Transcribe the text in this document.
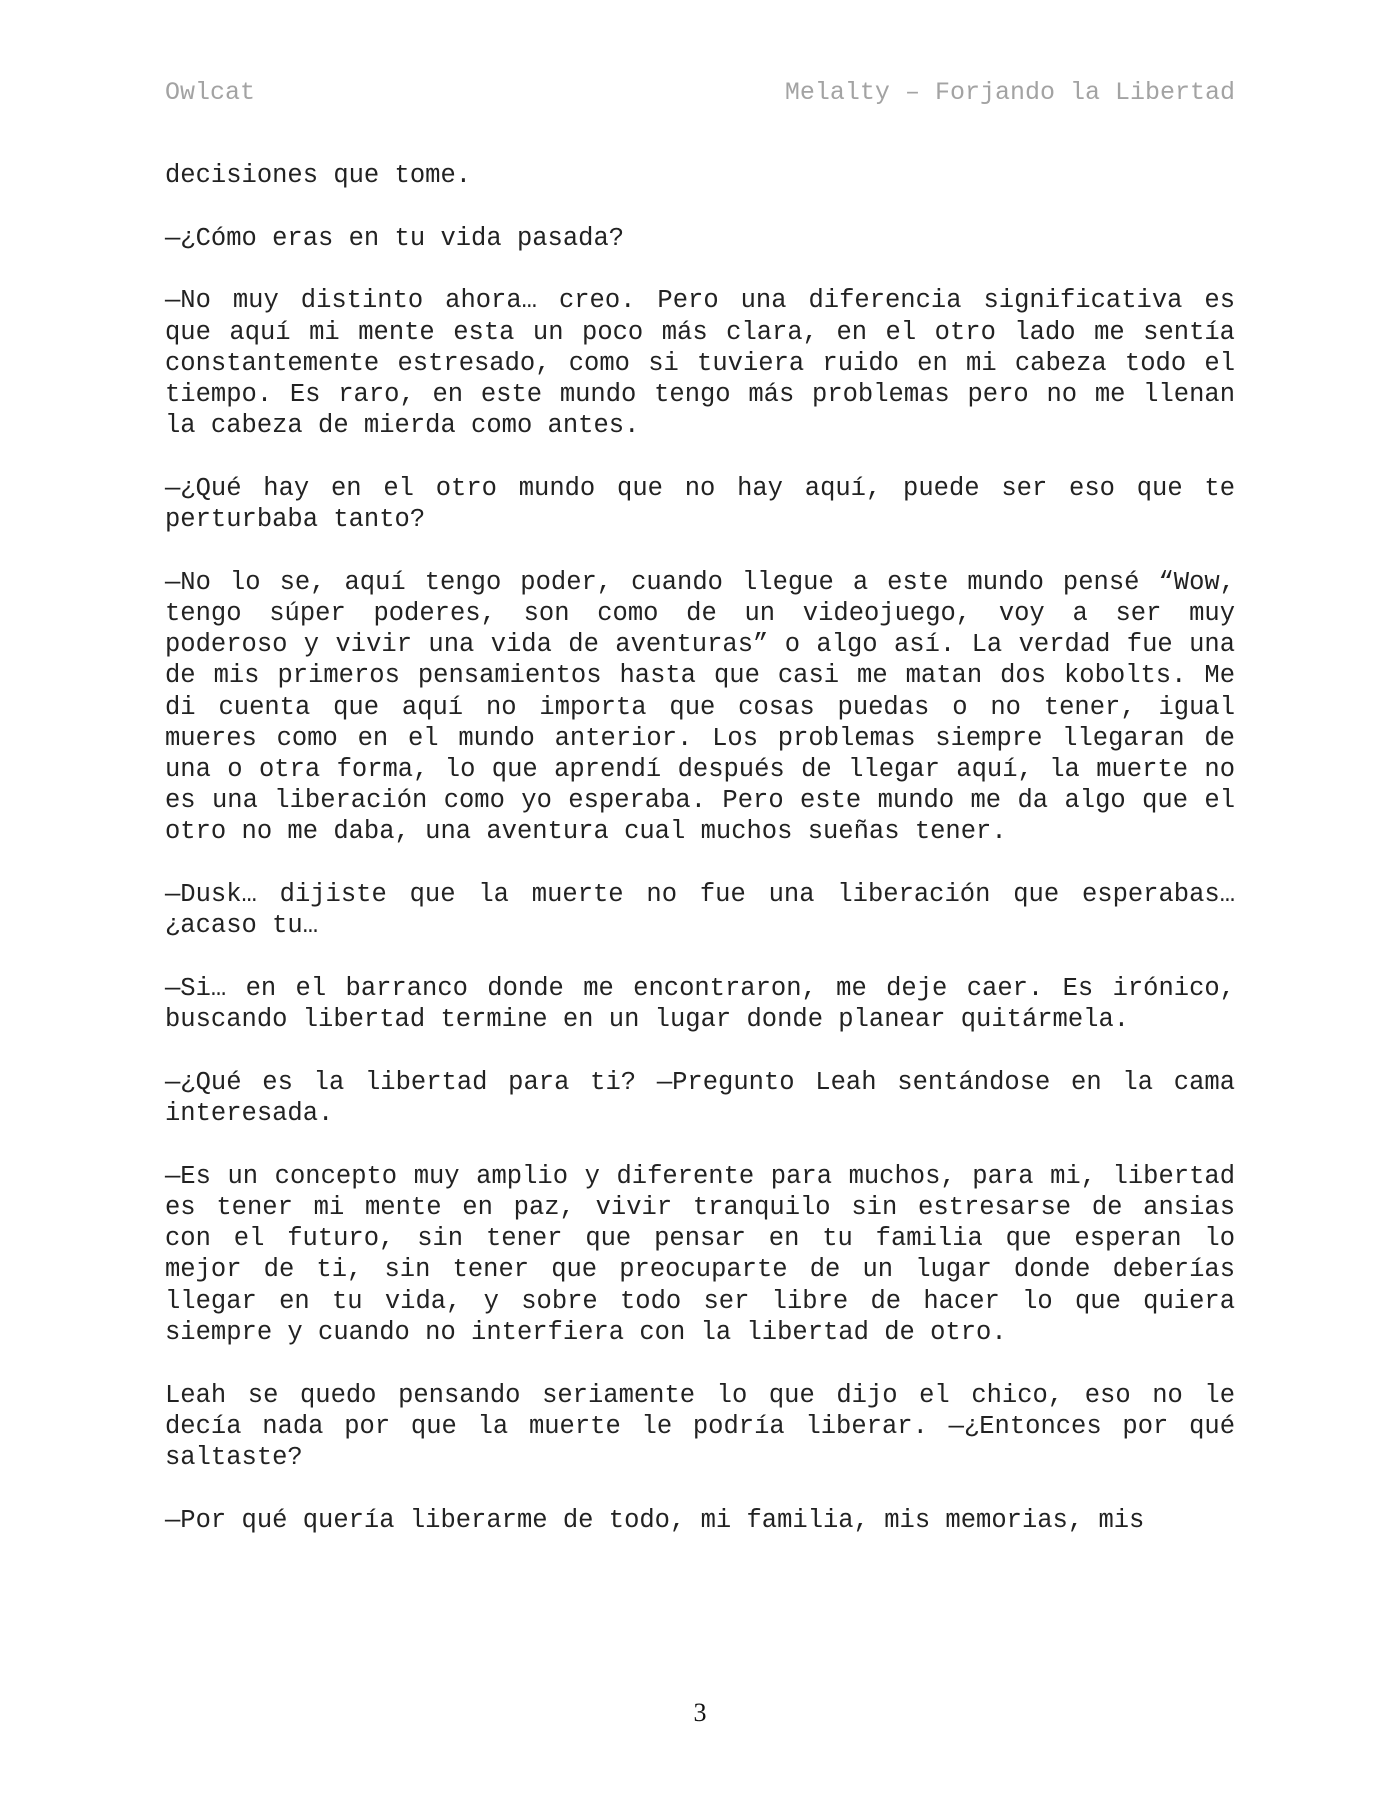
Owlcat	Melalty – Forjando la Libertad

decisiones que tome.

—¿Cómo eras en tu vida pasada?

—No muy distinto ahora… creo. Pero una diferencia significativa es que aquí mi mente esta un poco más clara, en el otro lado me sentía constantemente estresado, como si tuviera ruido en mi cabeza todo el tiempo. Es raro, en este mundo tengo más problemas pero no me llenan la cabeza de mierda como antes.

—¿Qué hay en el otro mundo que no hay aquí, puede ser eso que te perturbaba tanto?

—No lo se, aquí tengo poder, cuando llegue a este mundo pensé “Wow, tengo súper poderes, son como de un videojuego, voy a ser muy poderoso y vivir una vida de aventuras” o algo así. La verdad fue una de mis primeros pensamientos hasta que casi me matan dos kobolts. Me di cuenta que aquí no importa que cosas puedas o no tener, igual mueres como en el mundo anterior. Los problemas siempre llegaran de una o otra forma, lo que aprendí después de llegar aquí, la muerte no es una liberación como yo esperaba. Pero este mundo me da algo que el otro no me daba, una aventura cual muchos sueñas tener.

—Dusk… dijiste que la muerte no fue una liberación que esperabas… ¿acaso tu…

—Si… en el barranco donde me encontraron, me deje caer. Es irónico, buscando libertad termine en un lugar donde planear quitármela.

—¿Qué es la libertad para ti? —Pregunto Leah sentándose en la cama interesada.

—Es un concepto muy amplio y diferente para muchos, para mi, libertad es tener mi mente en paz, vivir tranquilo sin estresarse de ansias con el futuro, sin tener que pensar en tu familia que esperan lo mejor de ti, sin tener que preocuparte de un lugar donde deberías llegar en tu vida, y sobre todo ser libre de hacer lo que quiera siempre y cuando no interfiera con la libertad de otro.

Leah se quedo pensando seriamente lo que dijo el chico, eso no le decía nada por que la muerte le podría liberar. —¿Entonces por qué saltaste?

—Por qué quería liberarme de todo, mi familia, mis memorias, mis

3
